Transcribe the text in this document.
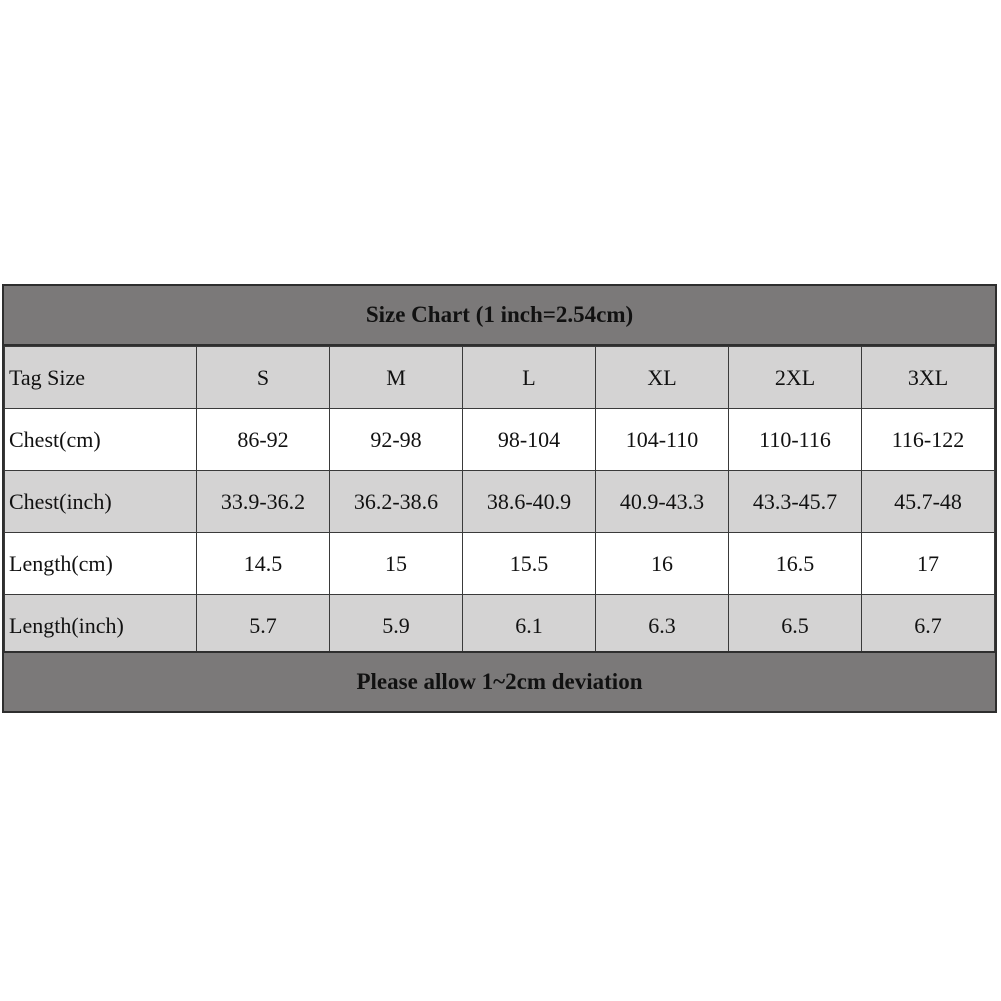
Size Chart (1 inch=2.54cm)
Tag Size	S	M	L	XL	2XL	3XL
Chest(cm)	86-92	92-98	98-104	104-110	110-116	116-122
Chest(inch)	33.9-36.2	36.2-38.6	38.6-40.9	40.9-43.3	43.3-45.7	45.7-48
Length(cm)	14.5	15	15.5	16	16.5	17
Length(inch)	5.7	5.9	6.1	6.3	6.5	6.7
Please allow 1~2cm deviation
